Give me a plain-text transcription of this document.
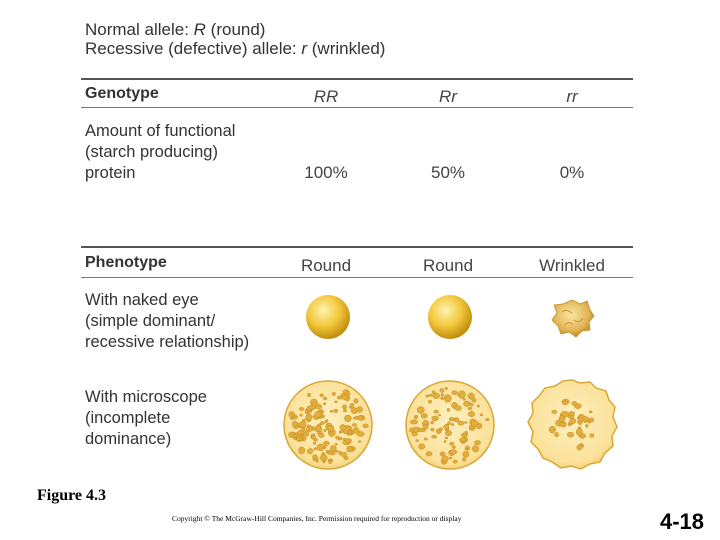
Normal allele: R (round)
Recessive (defective) allele: r (wrinkled)
Genotype	RR	Rr	rr
Amount of functional
(starch producing)
protein	100%	50%	0%
Phenotype	Round	Round	Wrinkled
With naked eye
(simple dominant/
recessive relationship)
With microscope
(incomplete
dominance)
Figure 4.3
Copyright © The McGraw-Hill Companies, Inc. Permission required for reproduction or display	4-18
